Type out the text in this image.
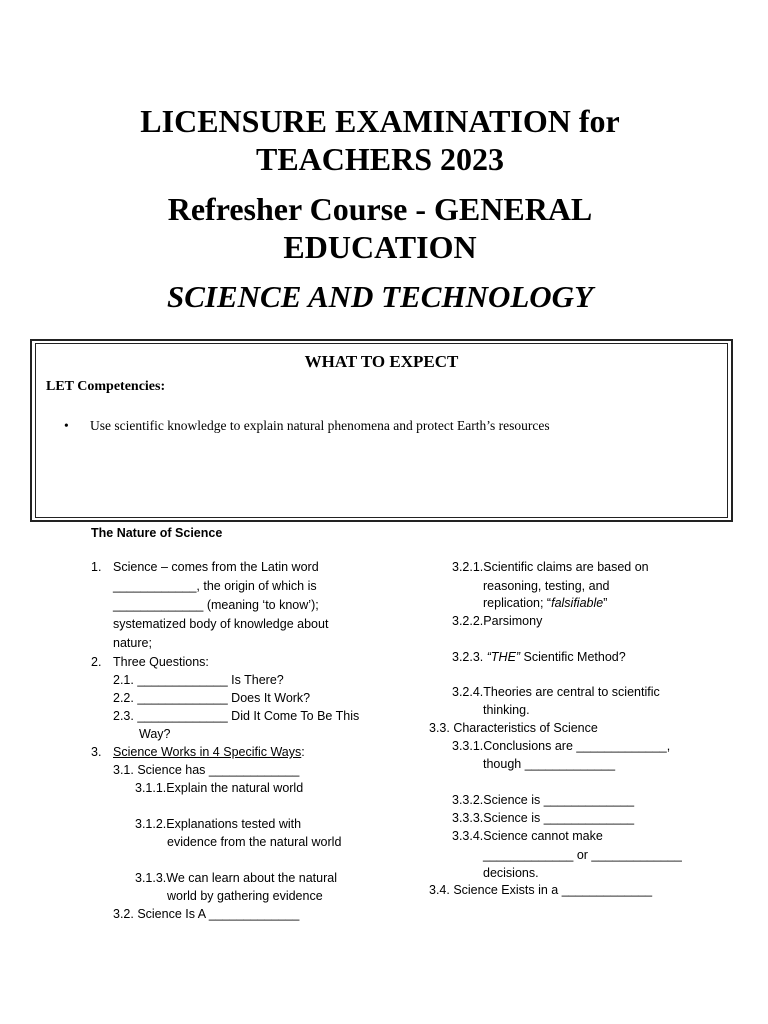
LICENSURE EXAMINATION for
TEACHERS 2023
Refresher Course - GENERAL
EDUCATION
SCIENCE AND TECHNOLOGY
WHAT TO EXPECT
LET Competencies:
• Use scientific knowledge to explain natural phenomena and protect Earth’s resources
The Nature of Science
1. Science – comes from the Latin word
____________, the origin of which is
_____________ (meaning ‘to know’);
systematized body of knowledge about
nature;
2. Three Questions:
2.1. _____________ Is There?
2.2. _____________ Does It Work?
2.3. _____________ Did It Come To Be This
Way?
3. Science Works in 4 Specific Ways:
3.1. Science has _____________
3.1.1.Explain the natural world
3.1.2.Explanations tested with
evidence from the natural world
3.1.3.We can learn about the natural
world by gathering evidence
3.2. Science Is A _____________
3.2.1.Scientific claims are based on
reasoning, testing, and
replication; “falsifiable”
3.2.2.Parsimony
3.2.3. “THE” Scientific Method?
3.2.4.Theories are central to scientific
thinking.
3.3. Characteristics of Science
3.3.1.Conclusions are _____________,
though _____________
3.3.2.Science is _____________
3.3.3.Science is _____________
3.3.4.Science cannot make
_____________ or _____________
decisions.
3.4. Science Exists in a _____________
